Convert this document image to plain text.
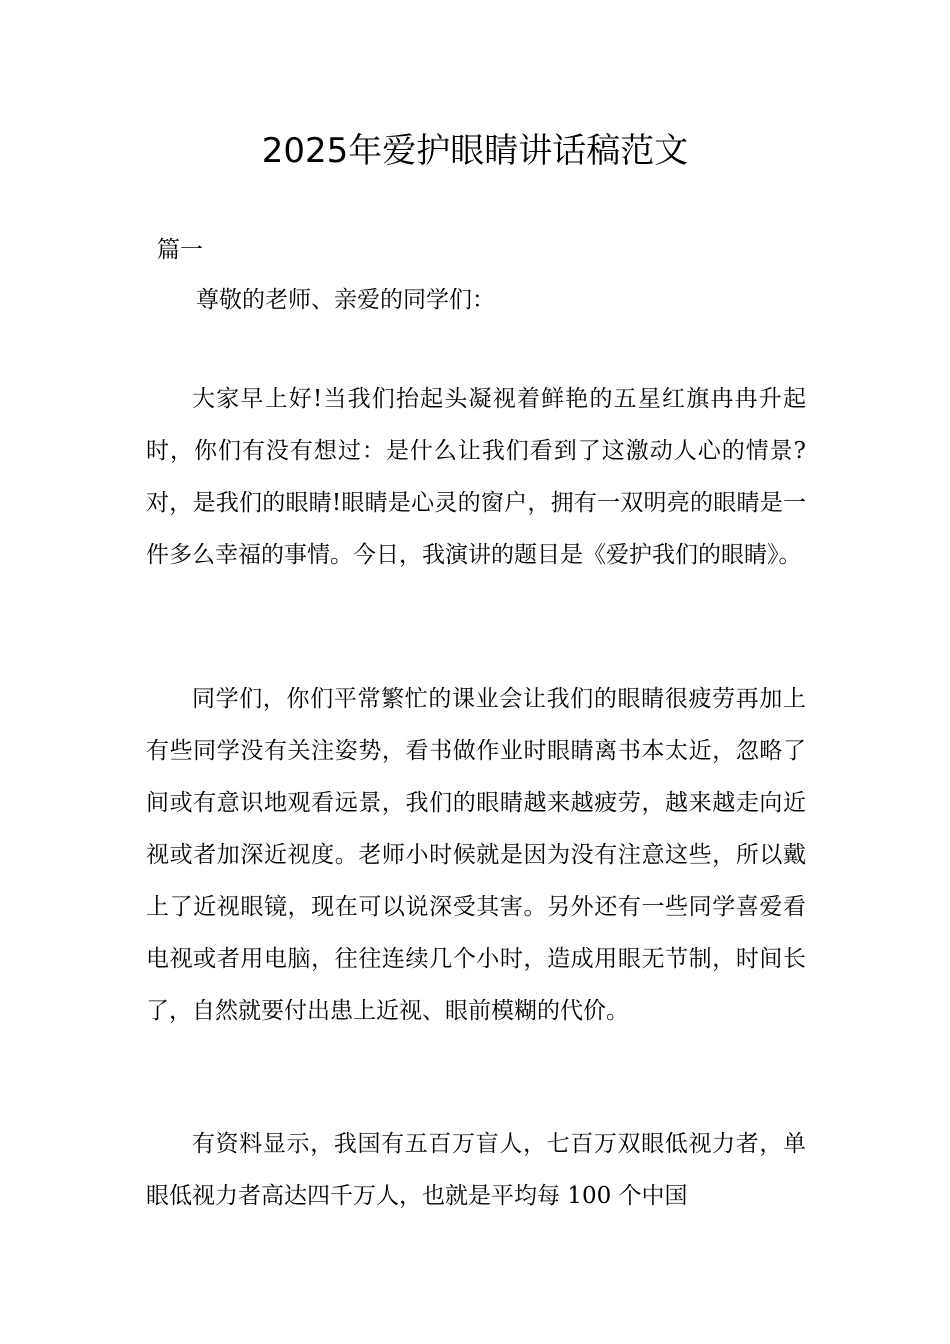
2025年爱护眼睛讲话稿范文
篇一
尊敬的老师、亲爱的同学们：

大家早上好!当我们抬起头凝视着鲜艳的五星红旗冉冉升起时，你们有没有想过：是什么让我们看到了这激动人心的情景?对，是我们的眼睛!眼睛是心灵的窗户，拥有一双明亮的眼睛是一件多么幸福的事情。今日，我演讲的题目是《爱护我们的眼睛》。

同学们，你们平常繁忙的课业会让我们的眼睛很疲劳再加上有些同学没有关注姿势，看书做作业时眼睛离书本太近，忽略了间或有意识地观看远景，我们的眼睛越来越疲劳，越来越走向近视或者加深近视度。老师小时候就是因为没有注意这些，所以戴上了近视眼镜，现在可以说深受其害。另外还有一些同学喜爱看电视或者用电脑，往往连续几个小时，造成用眼无节制，时间长了，自然就要付出患上近视、眼前模糊的代价。

有资料显示，我国有五百万盲人，七百万双眼低视力者，单眼低视力者高达四千万人，也就是平均每 100 个中国
